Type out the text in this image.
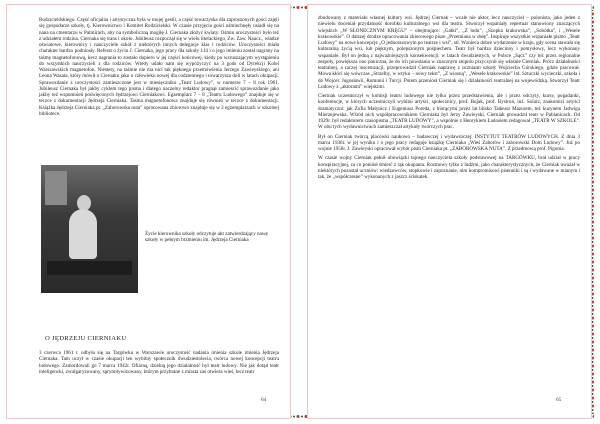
Rodzicieldskiego. Część oficjalna i artystyczna była w mojej gestii, a część towarzyska dla zaproszonych gości zajęli się gospodarze szkoły, tj. Kierownictwo i Komitet Rodzicielski. W czasie przyjęcia gości uśmiechnęły usiadł się na nana na cmentarzu w Palmirach, aby na symboliczną mogiłę J. Ciernaka złożyć kwiaty. Ośmiu uroczystości było też z udziałem rodzina. Ciernaka się trans i około. Jubileusz rozpoczął się w wielu literackiego, Zw. Zaw. Naucz., władze oświatowe, kierownicy i nauczyciele szkół z niektórych innych delegacje klas i rodziców. Uroczystości miała charakter bardzo podniosły. Referat o życiu J. Ciernaka, jego pracy dla szkoły 114 i o jego imieniu został nagrany na taśmę magnetofonową, kecz nagrania to zostało dopiero w jej części końcowej, kiedy po wzruszającym wystąpieniu do wszystkich nauczycieli z dla rodziców. Wtedy udało nam się wypożyczyć na 3 gods od Dyrekcji Kolei Warszawskich magnetofon. Niestety, na taśmie nie ma nici tak pięknego przemówienia Jerzego Zawieyskiego, ani Leona Wasata, który mówił o Ciernaku jako o człowieku nowej dla codziennego i towarzysza doli w latach okupacji. Sprawozdanie z uroczystości zamieszczone jest w miesięczniku „Teatr Ludowy”, w numerze 7 – 8 rok 1961. Jubileusz Ciernaka był jakby cyklem tego pisma i dlatego naczelny redaktor pragnął zamieścić sprawozdanie jako jakby też wspomnień poświęconych Jędrzejowi Cierniakowi. Egzemplarz 7 – 8 „Teatru Ludowego” znajduje się w teczce z dokumentacji Jędrzeja Cierniaka. Taśma magnetofonowa znajduje się również w teczce z dokumentacji. Książka Jędrzeja Cierniaka pt. „Zaborowska nuta” opracowana zbiorowo znajduje się w 2 egzemplarzach w szkolnej bibliotece.

Życie kierownika szkoły odczytuje akt zatwierdzający nawę szkoły w pełnym brzmieniu im. Jędrzeja Cierniaka
O JĘDRZEJU CIERNIAKU

3 czerwca 1961 r. odbyła się na Targówku w Warszawie uroczystość nadania imienia szkole imienia Jędrzeja Ciernaka. Tam uczył w czasie okupacji ten wybitny społecznik dwudziestolecia, twórca nowej koncepcji teatru ludowego. Zamordowali go 7 marca 1942r. Ofiarną, dzielną jego działalność był teatr ludowy. Nie jak dotąd teatr inteligencki, zwulgaryzowany, sprymitywizowany, którym przybrane z miasta zaś otwiera wieś, lecz teatr

64

zbudowany z materiału własnej kultury wsi. Jędrzej Ciernak – wcale nie aktor, lecz nauczyciel – polonista, jako jeden z niewielu doceniał przydatność dorobku kulturalnego wsi dla teatru. Stworzył wspaniały repertuar stanowiony znaczących wiejskich „W SŁONECZNYM KRĘGU” – obejmujące: „Gałki”, „Z ludu”, „Szopka krakowska”, „Sobótka”, i „Wesele krakowskie”. O dalszej drodze opracowania zbiorowego pisze „Przemiana w dołę”. Inspiruje wszystkie wspaniałe pismo „Teatr Ludowy” na nowe koncepcje „O jednorazowym po teatrze i wsi”, stl. Wznieca dobre wydarzenie w kraju, gdy scena stawała się kulturalną życią wsi, lub pięknym, polepszonym pośpiechem. Teatr był bardzo dziecinny i pomysłowy, lecz wykonany wspaniale. Był on jedną z najważniejszych konsekwencji: w latach dwudziestych, w Polsce „Sącz” czy też przez regionalne zespoły, powiększa ono paniczna, że do ich powstania w znacznym stopniu przyczynił się właśnie Cierniak. Prócz działalności teatralnej, a raczej inscenizacji, przeprowadził Cierniak naprawę z uczniami szkoły Wojciecha Górskiego, gdzie pracował. Mowa kłóci się wówczas „Strzelby, w wtyku – nowy tekst”, „Z wiosną”, „Wesele krakowskie” itd. Sztuczki wycieczki, szkoła i do Wojcer. Jugosławii, Rumunii i Turcji. Potem przeniósł Cierniak się i działalności teatralnej na wojewódzką. Stworzył Teatr Ludowy z „aktorami” wiejskimi.

Cierniak uczestniczył w komisji teatru ludowego nie tylko przez przedstawienia, ale i przez odczyty, kursy, pogadanki, konferencje, w których uczestniczyli wybitni artyści, społecznicy, prof. Bujak, prof. Bystroń, inż. Solarz, znakomici artyści dramatyczni: jak Zofia Małynicz i Eugeniusz Poreda, z biorącymi przez lat blisko Tadeusz Mazurem, też kuzynem Jadwiga Mierzejewska. Wśród nich współpracownikiem Cierniaka był Jerzy Zawieyski. Cierniak prowadził teatr w Pabianicach. Od 1929r. był redaktorem czasopisma „TEATR LUDOWY”, a wspólnie z Henrykiem Ładosiem redagował „TEATR W SZKOLE”. W obu tych wydawnictwach zamieszczał artykuły twórczych prac.

Był on Cierniak twórcą placówki naukowo – badawczej i wydawniczej: INSTYTUT TEATRÓW LUDOWYCH. Z dnia 3 marca 1936r. w jej wyniku i o jego pracy redaguje książkę Cierniaka „Wieś Zaborów i zaborowski Dom Ludowy”. Już po wojnie 1956r. J. Zawieyski opracował wybór pism Cierniaka pt. „ZABOROWSKA NUTA”. Z przedmową prof. Pigonia.

W czasie wojny Cierniak pełnił obowiązki tajnego nauczyciela szkoły podstawowej na TARGÓWKU, brał udział w pracy konspiracyjnej, za co poniósł śmierć z rąk okupanta. Rozmowy tylko z ludźmi, jako charakterystycznych, że Cierniak uważał w niektórych pozostał uczniów: wiedzowców, stopkowie i zapoznanie, nim kompromisowi pisenniki i są i wydawane w mianym i tak, że „współczesne” wykonanych z jaszcz ściskatek.

65
